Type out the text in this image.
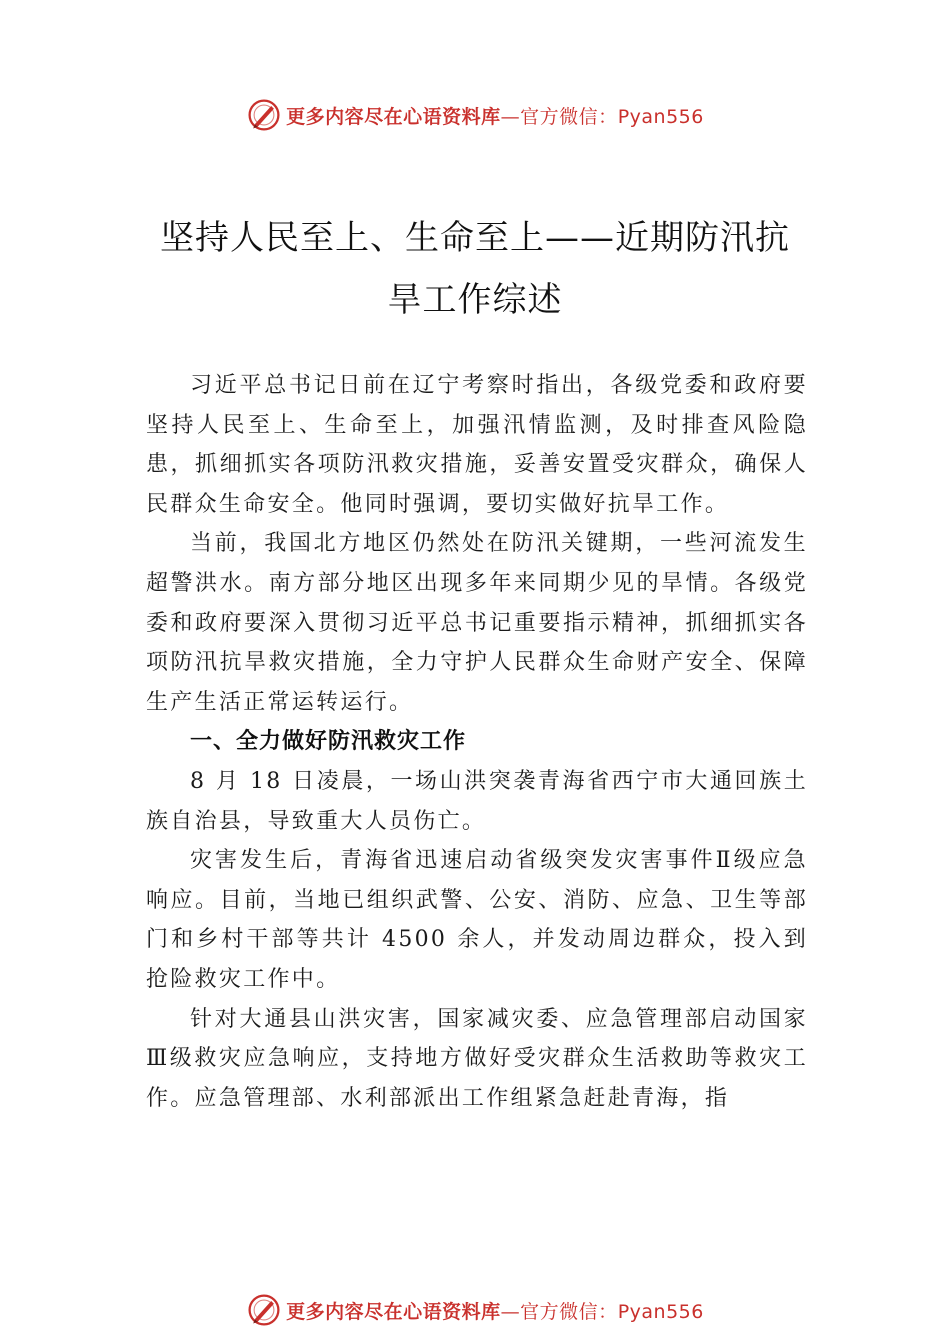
更多内容尽在心语资料库—官方微信：Pyan556
坚持人民至上、生命至上——近期防汛抗
旱工作综述

习近平总书记日前在辽宁考察时指出，各级党委和政府要坚持人民至上、生命至上，加强汛情监测，及时排查风险隐患，抓细抓实各项防汛救灾措施，妥善安置受灾群众，确保人民群众生命安全。他同时强调，要切实做好抗旱工作。

当前，我国北方地区仍然处在防汛关键期，一些河流发生超警洪水。南方部分地区出现多年来同期少见的旱情。各级党委和政府要深入贯彻习近平总书记重要指示精神，抓细抓实各项防汛抗旱救灾措施，全力守护人民群众生命财产安全、保障生产生活正常运转运行。

一、全力做好防汛救灾工作

8 月 18 日凌晨，一场山洪突袭青海省西宁市大通回族土族自治县，导致重大人员伤亡。

灾害发生后，青海省迅速启动省级突发灾害事件Ⅱ级应急响应。目前，当地已组织武警、公安、消防、应急、卫生等部门和乡村干部等共计 4500 余人，并发动周边群众，投入到抢险救灾工作中。

针对大通县山洪灾害，国家减灾委、应急管理部启动国家Ⅲ级救灾应急响应，支持地方做好受灾群众生活救助等救灾工作。应急管理部、水利部派出工作组紧急赶赴青海，指

更多内容尽在心语资料库—官方微信：Pyan556
